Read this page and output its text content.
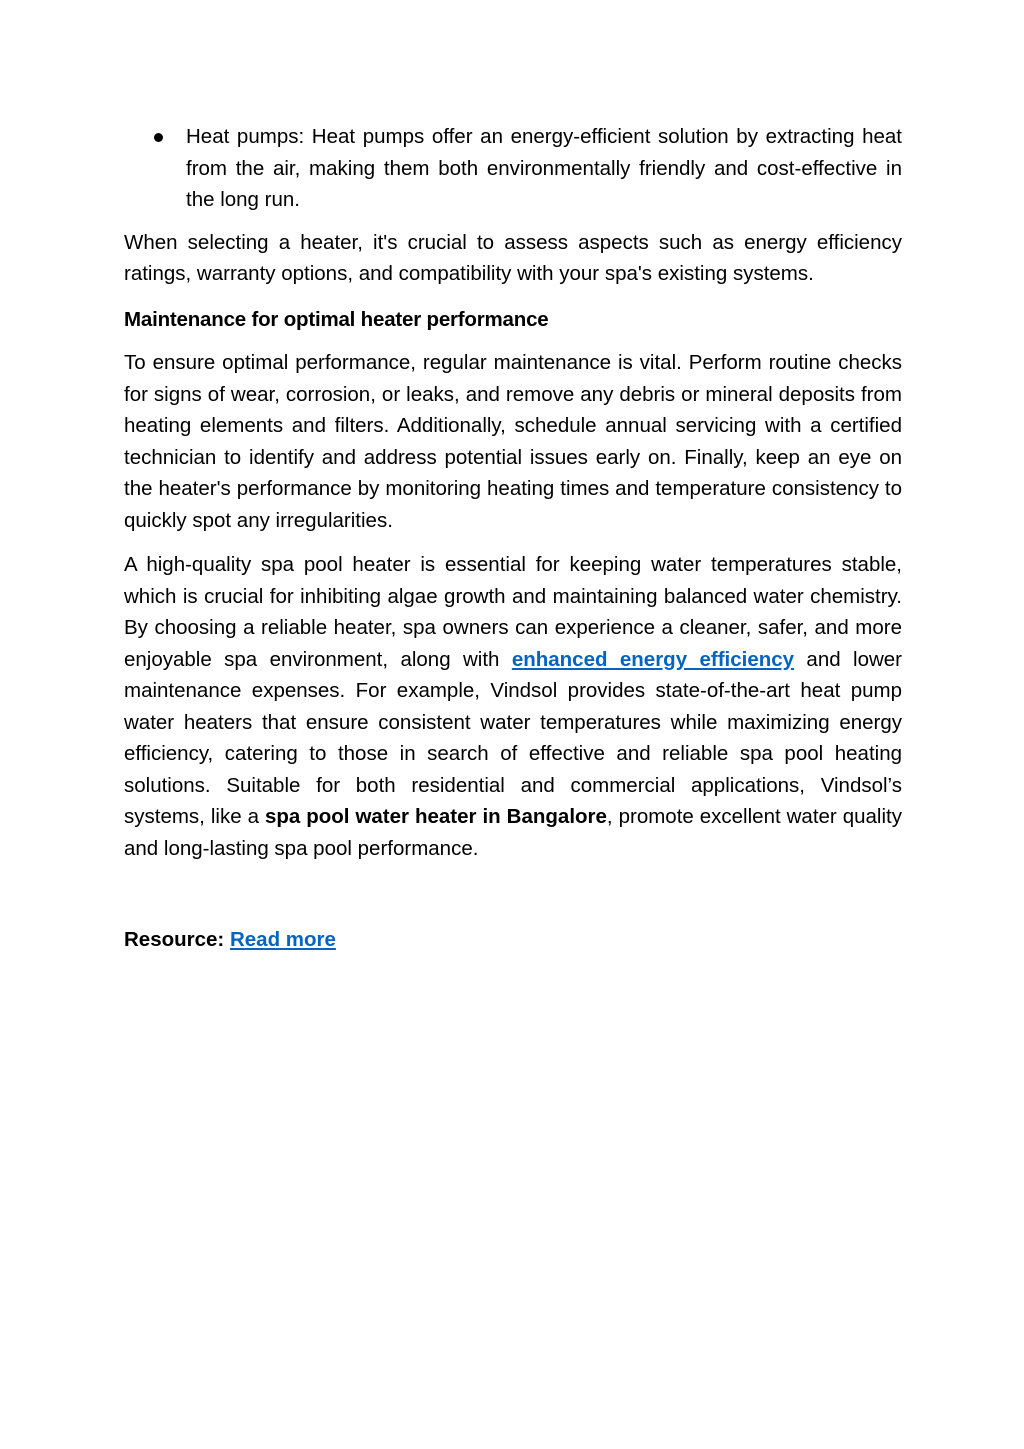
Heat pumps: Heat pumps offer an energy-efficient solution by extracting heat from the air, making them both environmentally friendly and cost-effective in the long run.

When selecting a heater, it's crucial to assess aspects such as energy efficiency ratings, warranty options, and compatibility with your spa's existing systems.

Maintenance for optimal heater performance

To ensure optimal performance, regular maintenance is vital. Perform routine checks for signs of wear, corrosion, or leaks, and remove any debris or mineral deposits from heating elements and filters. Additionally, schedule annual servicing with a certified technician to identify and address potential issues early on. Finally, keep an eye on the heater's performance by monitoring heating times and temperature consistency to quickly spot any irregularities.

A high-quality spa pool heater is essential for keeping water temperatures stable, which is crucial for inhibiting algae growth and maintaining balanced water chemistry. By choosing a reliable heater, spa owners can experience a cleaner, safer, and more enjoyable spa environment, along with enhanced energy efficiency and lower maintenance expenses. For example, Vindsol provides state-of-the-art heat pump water heaters that ensure consistent water temperatures while maximizing energy efficiency, catering to those in search of effective and reliable spa pool heating solutions. Suitable for both residential and commercial applications, Vindsol’s systems, like a spa pool water heater in Bangalore, promote excellent water quality and long-lasting spa pool performance.

Resource: Read more
